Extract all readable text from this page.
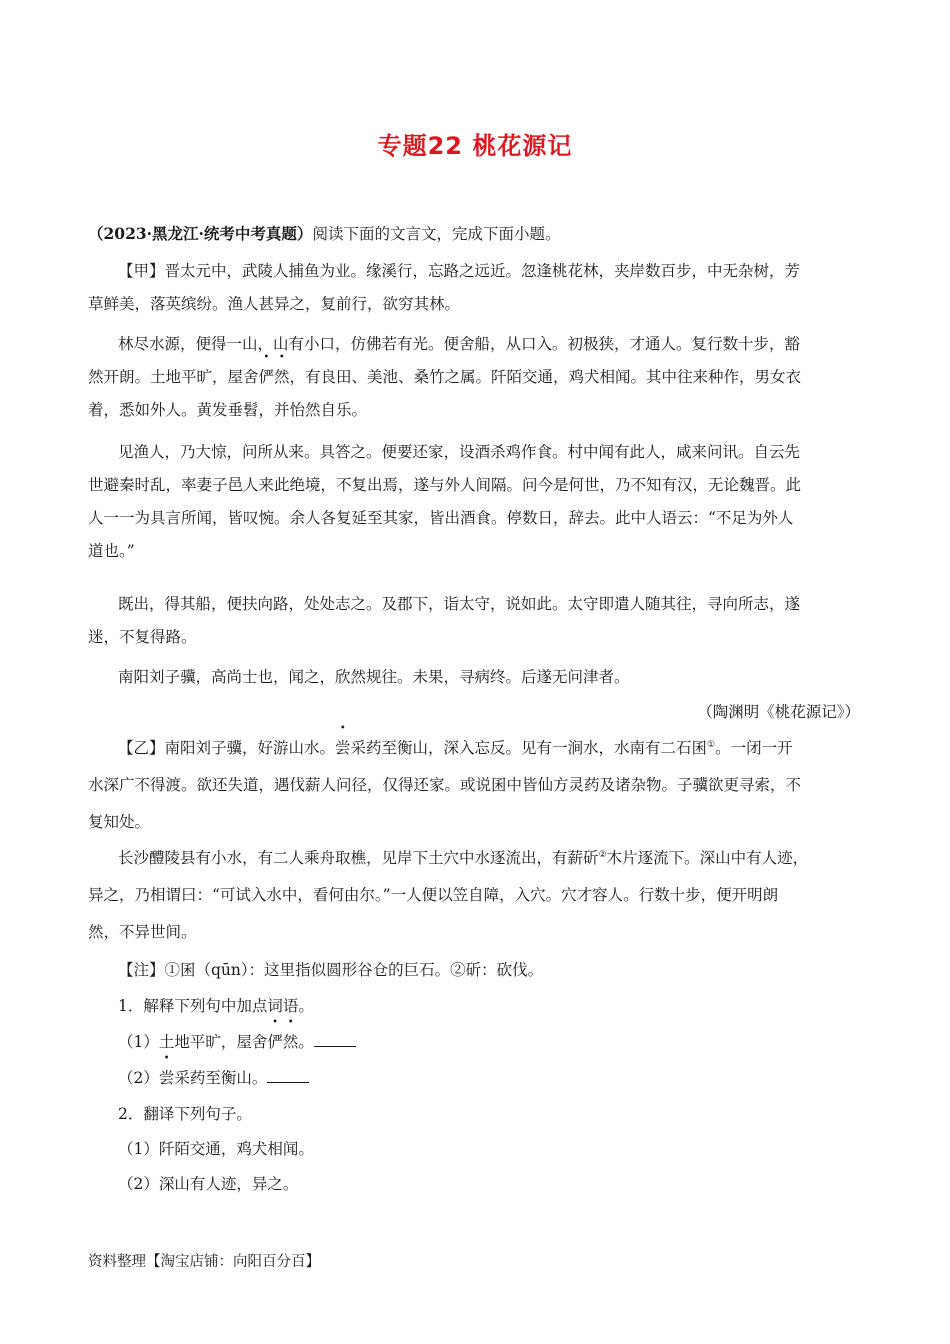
专题22 桃花源记
（2023·黑龙江·统考中考真题）阅读下面的文言文，完成下面小题。
【甲】晋太元中，武陵人捕鱼为业。缘溪行，忘路之远近。忽逢桃花林，夹岸数百步，中无杂树，芳
草鲜美，落英缤纷。渔人甚异之，复前行，欲穷其林。
林尽水源，便得一山，山有小口，仿佛若有光。便舍船，从口入。初极狭，才通人。复行数十步，豁
然开朗。土地平旷，屋舍俨然，有良田、美池、桑竹之属。阡陌交通，鸡犬相闻。其中往来种作，男女衣
着，悉如外人。黄发垂髫，并怡然自乐。
见渔人，乃大惊，问所从来。具答之。便要还家，设酒杀鸡作食。村中闻有此人，咸来问讯。自云先
世避秦时乱，率妻子邑人来此绝境，不复出焉，遂与外人间隔。问今是何世，乃不知有汉，无论魏晋。此
人一一为具言所闻，皆叹惋。余人各复延至其家，皆出酒食。停数日，辞去。此中人语云：“不足为外人
道也。”
既出，得其船，便扶向路，处处志之。及郡下，诣太守，说如此。太守即遣人随其往，寻向所志，遂
迷，不复得路。
南阳刘子骥，高尚士也，闻之，欣然规往。未果，寻病终。后遂无问津者。
（陶渊明《桃花源记》）
【乙】南阳刘子骥，好游山水。尝采药至衡山，深入忘反。见有一涧水，水南有二石囷①。一闭一开
水深广不得渡。欲还失道，遇伐薪人问径，仅得还家。或说囷中皆仙方灵药及诸杂物。子骥欲更寻索，不
复知处。
长沙醴陵县有小水，有二人乘舟取樵，见岸下土穴中水逐流出，有薪斫②木片逐流下。深山中有人迹，
异之，乃相谓曰：“可试入水中，看何由尔。”一人便以笠自障，入穴。穴才容人。行数十步，便开明朗
然，不异世间。
【注】①囷（qūn）：这里指似圆形谷仓的巨石。②斫：砍伐。
1．解释下列句中加点词语。
（1）土地平旷，屋舍俨然。
（2）尝采药至衡山。
2．翻译下列句子。
（1）阡陌交通，鸡犬相闻。
（2）深山有人迹，异之。
资料整理【淘宝店铺：向阳百分百】
